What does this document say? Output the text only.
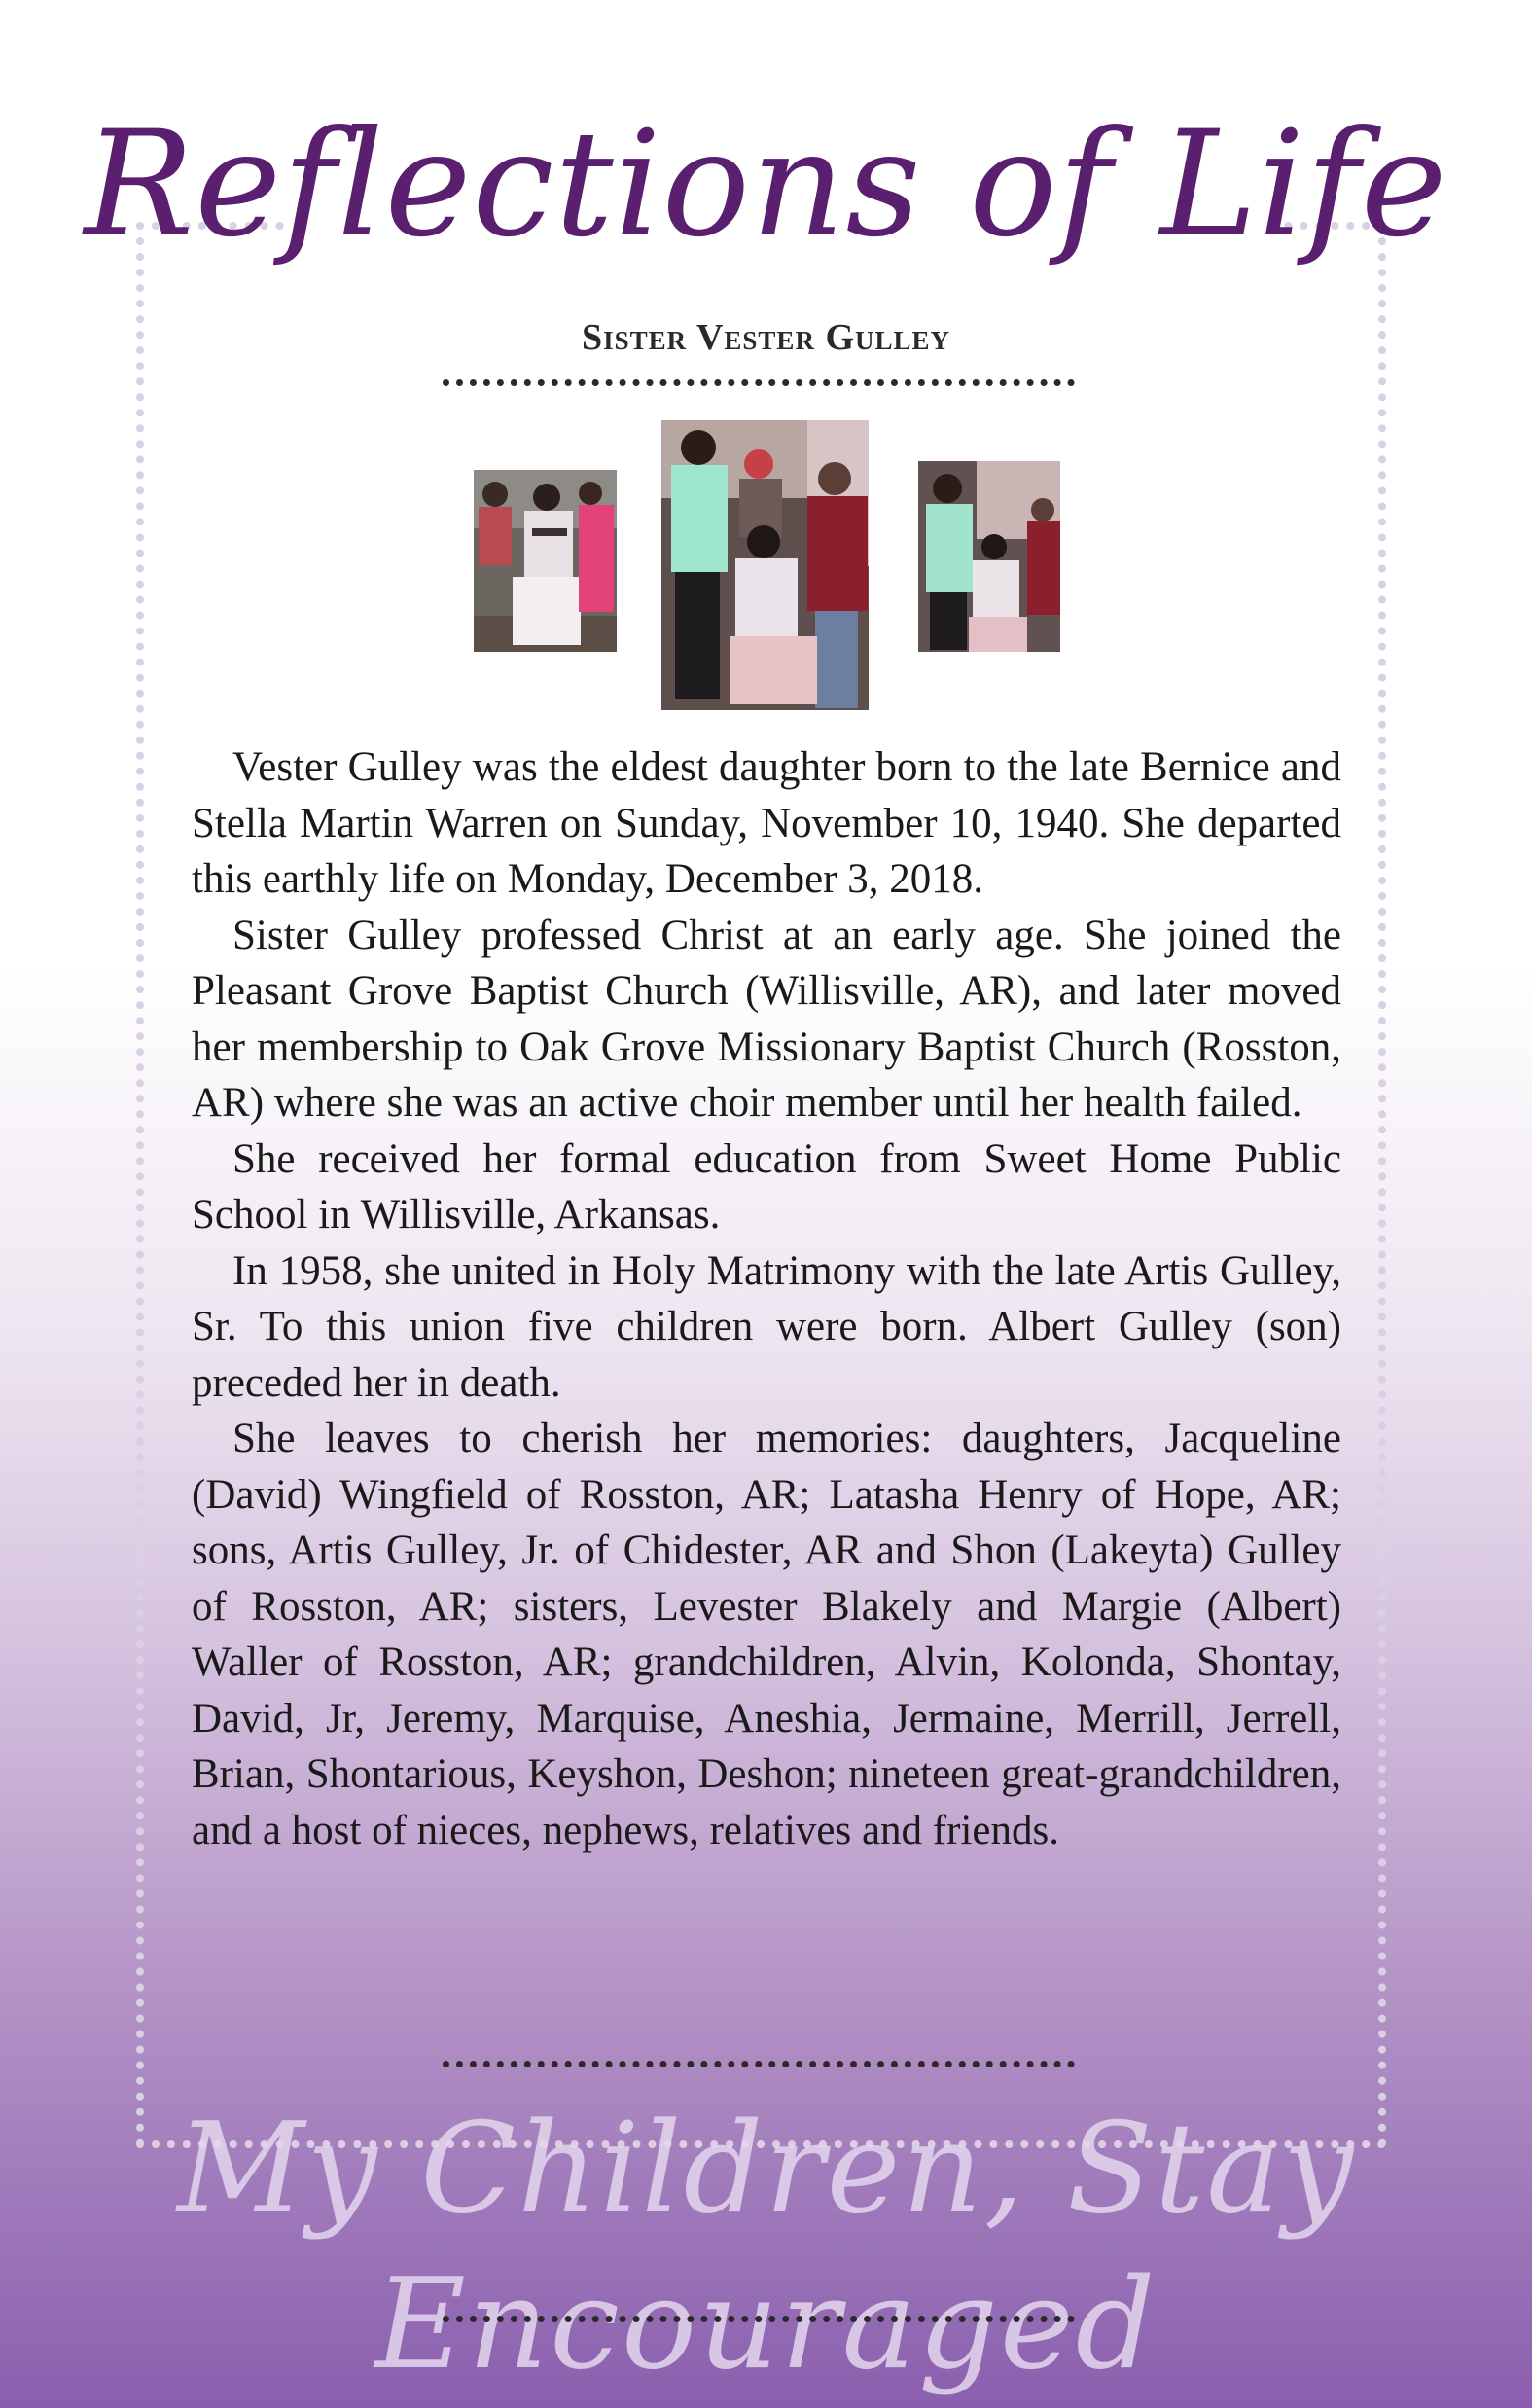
Reflections of Life
Sister Vester Gulley

Vester Gulley was the eldest daughter born to the late Bernice and Stella Martin Warren on Sunday, November 10, 1940. She departed this earthly life on Monday, December 3, 2018.

Sister Gulley professed Christ at an early age. She joined the Pleasant Grove Baptist Church (Willisville, AR), and later moved her membership to Oak Grove Missionary Baptist Church (Rosston, AR) where she was an active choir member until her health failed.

She received her formal education from Sweet Home Public School in Willisville, Arkansas.

In 1958, she united in Holy Matrimony with the late Artis Gulley, Sr. To this union five children were born. Albert Gulley (son) preceded her in death.

She leaves to cherish her memories: daughters, Jacqueline (David) Wingfield of Rosston, AR; Latasha Henry of Hope, AR; sons, Artis Gulley, Jr. of Chidester, AR and Shon (Lakeyta) Gulley of Rosston, AR; sisters, Levester Blakely and Margie (Albert) Waller of Rosston, AR; grandchildren, Alvin, Kolonda, Shontay, David, Jr, Jeremy, Marquise, Aneshia, Jermaine, Merrill, Jerrell, Brian, Shontarious, Keyshon, Deshon; nineteen great-grandchildren, and a host of nieces, nephews, relatives and friends.

My Children, Stay Encouraged
